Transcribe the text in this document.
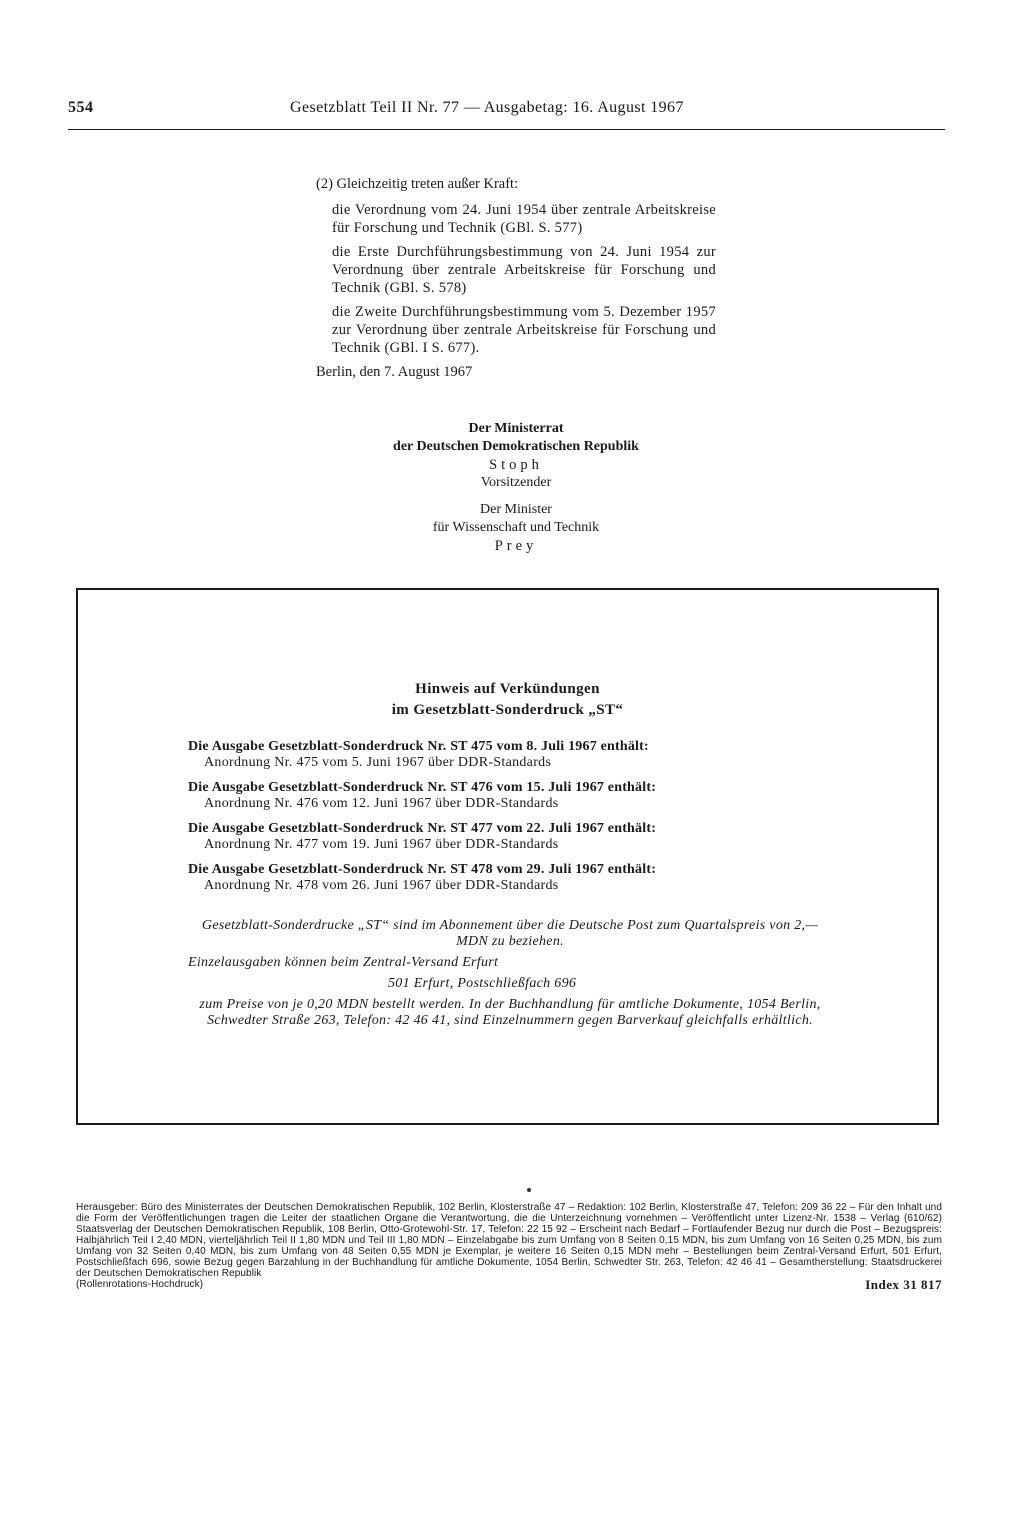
554	Gesetzblatt Teil II Nr. 77 — Ausgabetag: 16. August 1967

(2) Gleichzeitig treten außer Kraft:

die Verordnung vom 24. Juni 1954 über zentrale Arbeitskreise für Forschung und Technik (GBl. S. 577)

die Erste Durchführungsbestimmung von 24. Juni 1954 zur Verordnung über zentrale Arbeitskreise für Forschung und Technik (GBl. S. 578)

die Zweite Durchführungsbestimmung vom 5. Dezember 1957 zur Verordnung über zentrale Arbeitskreise für Forschung und Technik (GBl. I S. 677).

Berlin, den 7. August 1967

Der Ministerrat
der Deutschen Demokratischen Republik
Stoph
Vorsitzender
Der Minister
für Wissenschaft und Technik
Prey
Hinweis auf Verkündungen
im Gesetzblatt-Sonderdruck „ST“
Die Ausgabe Gesetzblatt-Sonderdruck Nr. ST 475 vom 8. Juli 1967 enthält:
Anordnung Nr. 475 vom 5. Juni 1967 über DDR-Standards
Die Ausgabe Gesetzblatt-Sonderdruck Nr. ST 476 vom 15. Juli 1967 enthält:
Anordnung Nr. 476 vom 12. Juni 1967 über DDR-Standards
Die Ausgabe Gesetzblatt-Sonderdruck Nr. ST 477 vom 22. Juli 1967 enthält:
Anordnung Nr. 477 vom 19. Juni 1967 über DDR-Standards
Die Ausgabe Gesetzblatt-Sonderdruck Nr. ST 478 vom 29. Juli 1967 enthält:
Anordnung Nr. 478 vom 26. Juni 1967 über DDR-Standards

Gesetzblatt-Sonderdrucke „ST“ sind im Abonnement über die Deutsche Post zum Quartalspreis von 2,— MDN zu beziehen.

Einzelausgaben können beim Zentral-Versand Erfurt

501 Erfurt, Postschließfach 696

zum Preise von je 0,20 MDN bestellt werden. In der Buchhandlung für amtliche Dokumente, 1054 Berlin, Schwedter Straße 263, Telefon: 42 46 41, sind Einzelnummern gegen Barverkauf gleichfalls erhältlich.

Herausgeber: Büro des Ministerrates der Deutschen Demokratischen Republik, 102 Berlin, Klosterstraße 47 – Redaktion: 102 Berlin, Klosterstraße 47, Telefon: 209 36 22 – Für den Inhalt und die Form der Veröffentlichungen tragen die Leiter der staatlichen Organe die Verantwortung, die die Unterzeichnung vornehmen – Veröffentlicht unter Lizenz-Nr. 1538 – Verlag (610/62) Staatsverlag der Deutschen Demokratischen Republik, 108 Berlin, Otto-Grotewohl-Str. 17, Telefon: 22 15 92 – Erscheint nach Bedarf – Fortlaufender Bezug nur durch die Post – Bezugspreis: Halbjährlich Teil I 2,40 MDN, vierteljährlich Teil II 1,80 MDN und Teil III 1,80 MDN – Einzelabgabe bis zum Umfang von 8 Seiten 0,15 MDN, bis zum Umfang von 16 Seiten 0,25 MDN, bis zum Umfang von 32 Seiten 0,40 MDN, bis zum Umfang von 48 Seiten 0,55 MDN je Exemplar, je weitere 16 Seiten 0,15 MDN mehr – Bestellungen beim Zentral-Versand Erfurt, 501 Erfurt, Postschließfach 696, sowie Bezug gegen Barzahlung in der Buchhandlung für amtliche Dokumente, 1054 Berlin, Schwedter Str. 263, Telefon: 42 46 41 – Gesamtherstellung: Staatsdruckerei der Deutschen Demokratischen Republik
(Rollenrotations-Hochdruck)	Index 31 817
